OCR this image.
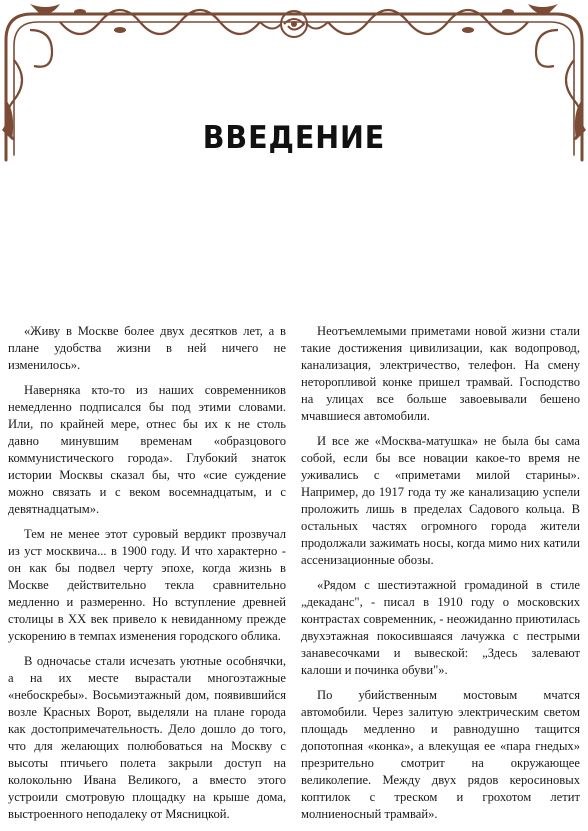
ВВЕДЕНИЕ

«Живу в Москве более двух десятков лет, а в плане удобства жизни в ней ничего не изменилось».

Наверняка кто-то из наших современников немедленно подписался бы под этими словами. Или, по крайней мере, отнес бы их к не столь давно минувшим временам «образцового коммунистического города». Глубокий знаток истории Москвы сказал бы, что «сие суждение можно связать и с веком восемнадцатым, и с девятнадцатым».

Тем не менее этот суровый вердикт прозвучал из уст москвича... в 1900 году. И что характерно - он как бы подвел черту эпохе, когда жизнь в Москве действительно текла сравнительно медленно и размеренно. Но вступление древней столицы в XX век привело к невиданному прежде ускорению в темпах изменения городского облика.

В одночасье стали исчезать уютные особнячки, а на их месте вырастали многоэтажные «небоскребы». Восьмиэтажный дом, появившийся возле Красных Ворот, выделяли на плане города как достопримечательность. Дело дошло до того, что для желающих полюбоваться на Москву с высоты птичьего полета закрыли доступ на колокольню Ивана Великого, а вместо этого устроили смотровую площадку на крыше дома, выстроенного неподалеку от Мясницкой.

Неотъемлемыми приметами новой жизни стали такие достижения цивилизации, как водопровод, канализация, электричество, телефон. На смену неторопливой конке пришел трамвай. Господство на улицах все больше завоевывали бешено мчавшиеся автомобили.

И все же «Москва-матушка» не была бы сама собой, если бы все новации какое-то время не уживались с «приметами милой старины». Например, до 1917 года ту же канализацию успели проложить лишь в пределах Садового кольца. В остальных частях огромного города жители продолжали зажимать носы, когда мимо них катили ассенизационные обозы.

«Рядом с шестиэтажной громадиной в стиле „декаданс", - писал в 1910 году о московских контрастах современник, - неожиданно приютилась двухэтажная покосившаяся лачужка с пестрыми занавесочками и вывеской: „Здесь залевают калоши и починка обуви"».

По убийственным мостовым мчатся автомобили. Через залитую электрическим светом площадь медленно и равнодушно тащится допотопная «конка», а влекущая ее «пара гнедых» презрительно смотрит на окружающее великолепие. Между двух рядов керосиновых коптилок с треском и грохотом летит молниеносный трамвай».
